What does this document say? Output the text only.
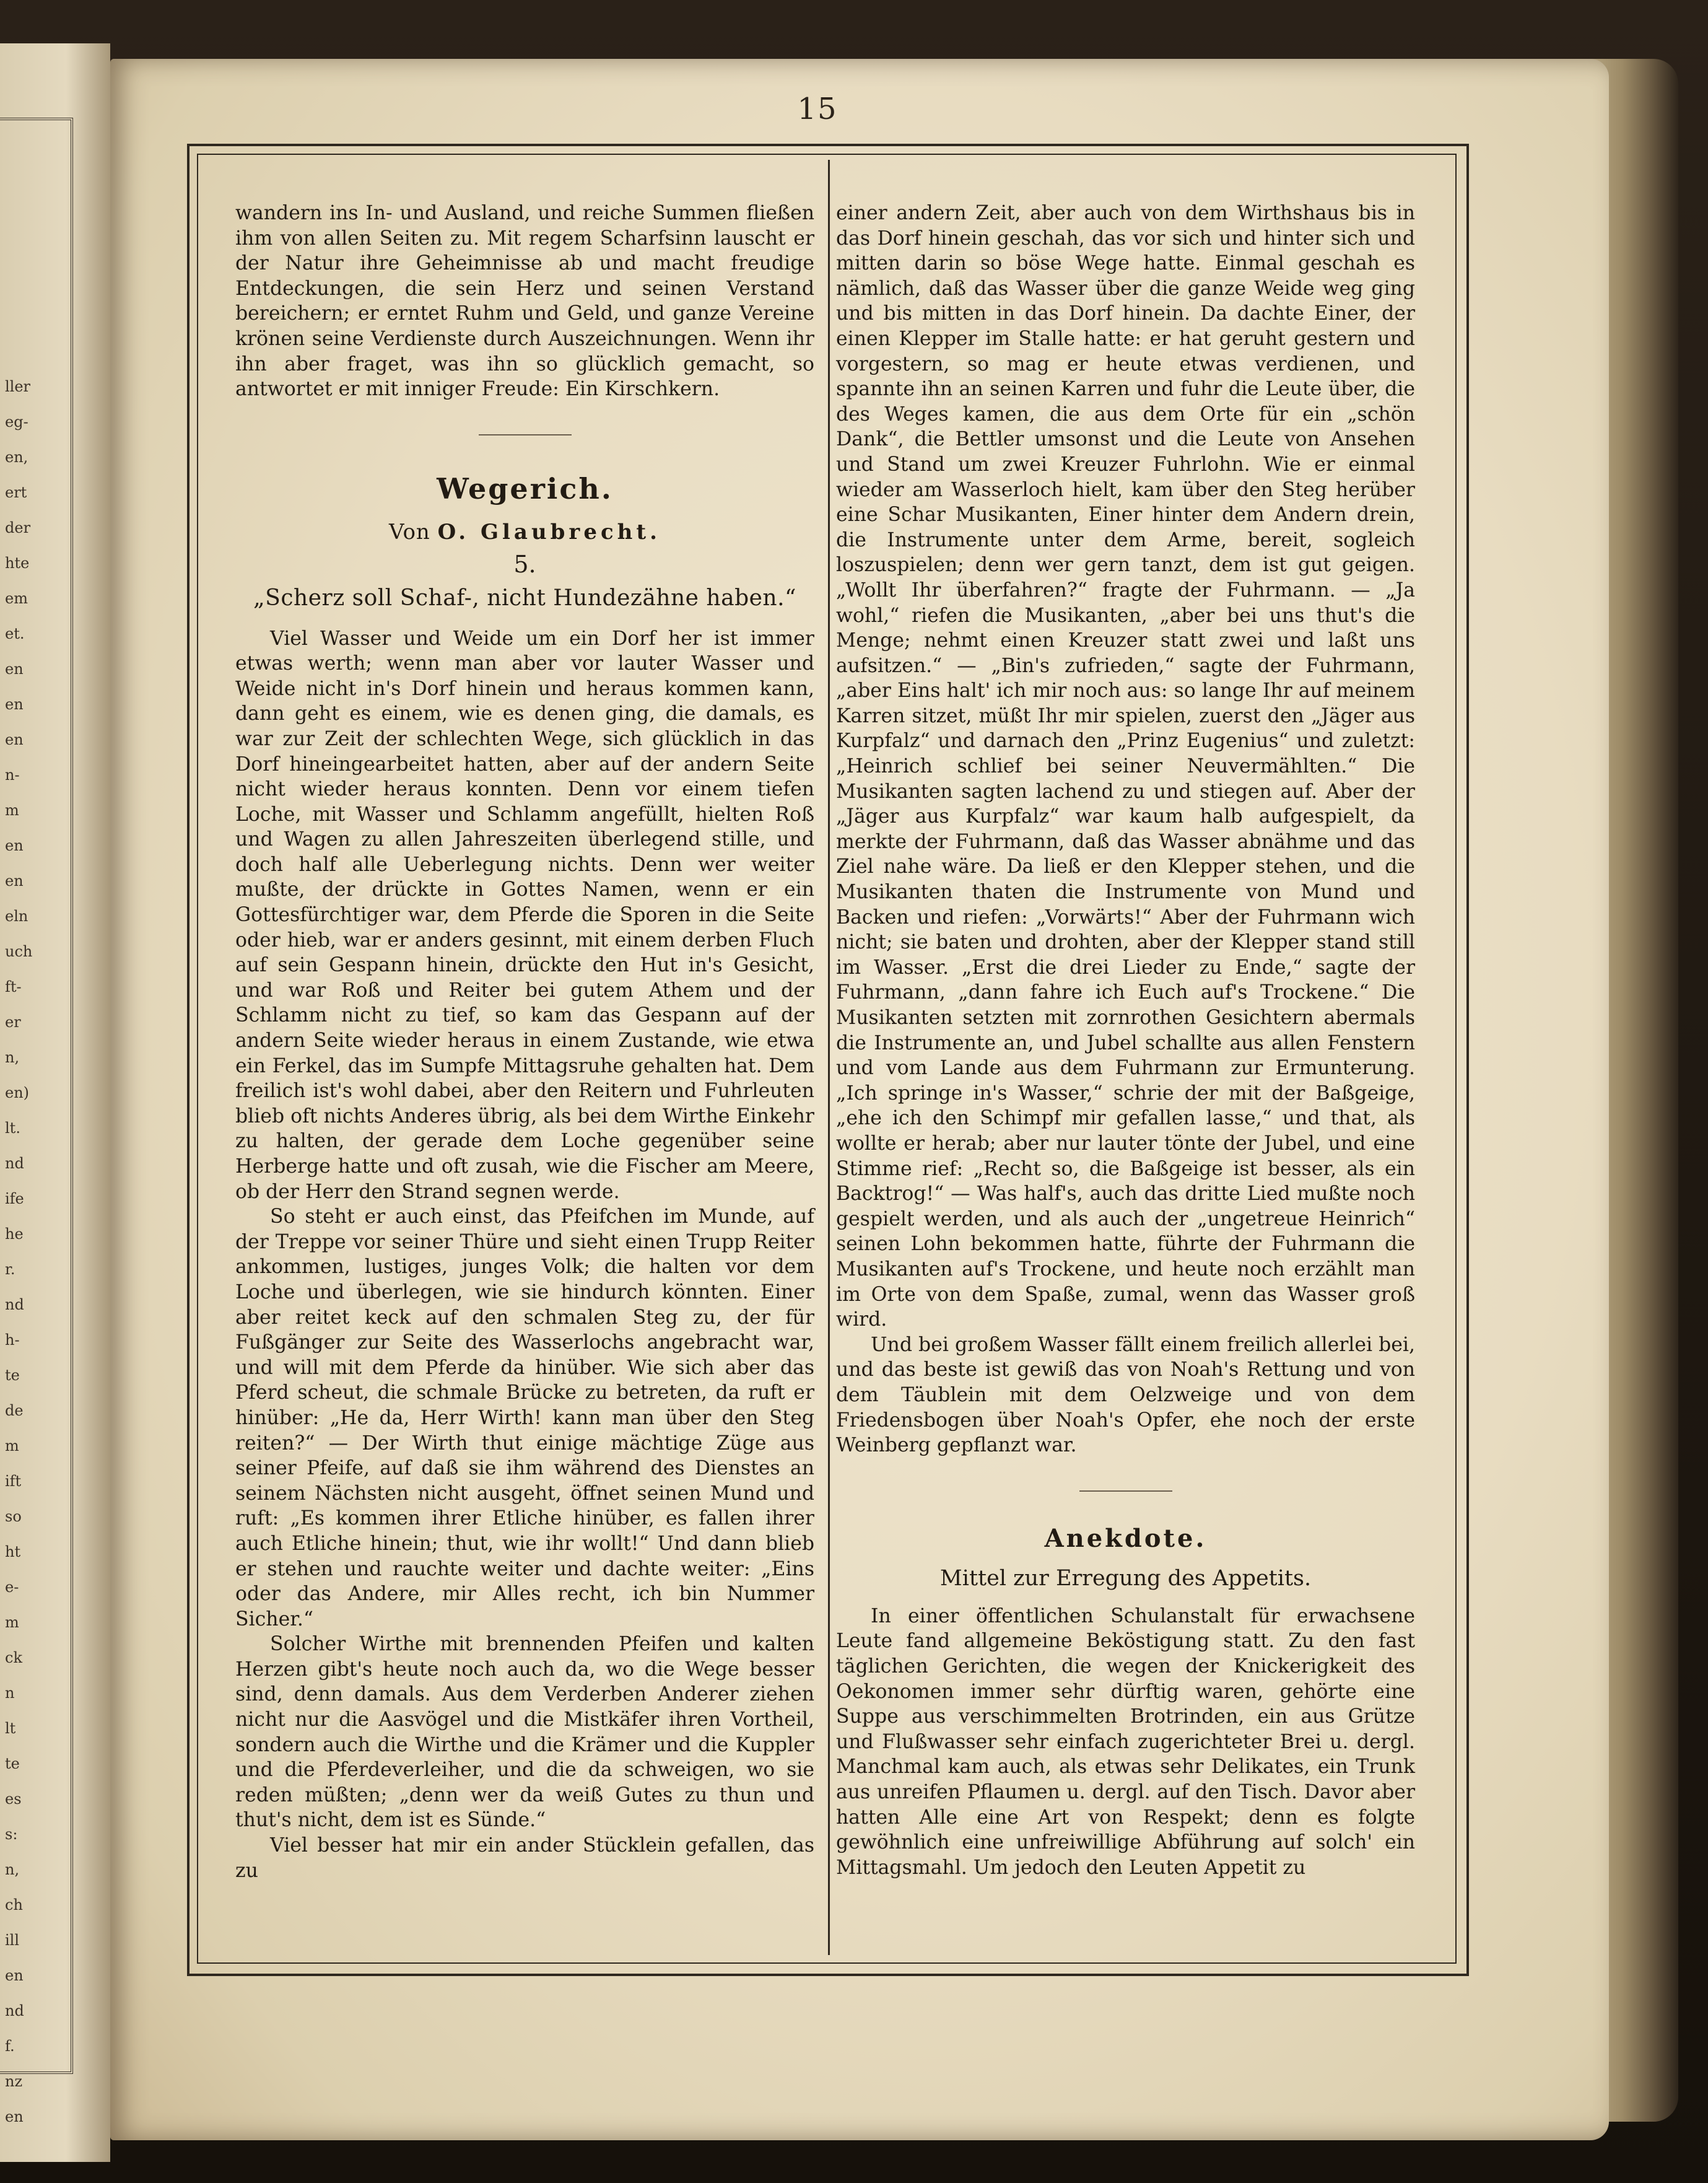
ller
eg-
en,
ert
der
hte
em
et.
en
en
en
n-
m
en
en
eln
uch
ft-
er
n,
en)
lt.
nd
ife
he
r.
nd
h-
te
de
m
ift
so
ht
e-
m
ck
n
lt
te
es
s:
n,
ch
ill
en
nd
f.
nz
en
15

wandern ins In- und Ausland, und reiche Summen fließen ihm von allen Seiten zu. Mit regem Scharfsinn lauscht er der Natur ihre Geheimnisse ab und macht freudige Entdeckungen, die sein Herz und seinen Verstand bereichern; er erntet Ruhm und Geld, und ganze Vereine krönen seine Verdienste durch Auszeichnungen. Wenn ihr ihn aber fraget, was ihn so glücklich gemacht, so antwortet er mit inniger Freude: Ein Kirschkern.

Wegerich.
Von O. Glaubrecht.
5.
„Scherz soll Schaf-, nicht Hundezähne haben.“

Viel Wasser und Weide um ein Dorf her ist immer etwas werth; wenn man aber vor lauter Wasser und Weide nicht in's Dorf hinein und heraus kommen kann, dann geht es einem, wie es denen ging, die damals, es war zur Zeit der schlechten Wege, sich glücklich in das Dorf hineingearbeitet hatten, aber auf der andern Seite nicht wieder heraus konnten. Denn vor einem tiefen Loche, mit Wasser und Schlamm angefüllt, hielten Roß und Wagen zu allen Jahreszeiten überlegend stille, und doch half alle Ueberlegung nichts. Denn wer weiter mußte, der drückte in Gottes Namen, wenn er ein Gottesfürchtiger war, dem Pferde die Sporen in die Seite oder hieb, war er anders gesinnt, mit einem derben Fluch auf sein Gespann hinein, drückte den Hut in's Gesicht, und war Roß und Reiter bei gutem Athem und der Schlamm nicht zu tief, so kam das Gespann auf der andern Seite wieder heraus in einem Zustande, wie etwa ein Ferkel, das im Sumpfe Mittagsruhe gehalten hat. Dem freilich ist's wohl dabei, aber den Reitern und Fuhrleuten blieb oft nichts Anderes übrig, als bei dem Wirthe Einkehr zu halten, der gerade dem Loche gegenüber seine Herberge hatte und oft zusah, wie die Fischer am Meere, ob der Herr den Strand segnen werde.

So steht er auch einst, das Pfeifchen im Munde, auf der Treppe vor seiner Thüre und sieht einen Trupp Reiter ankommen, lustiges, junges Volk; die halten vor dem Loche und überlegen, wie sie hindurch könnten. Einer aber reitet keck auf den schmalen Steg zu, der für Fußgänger zur Seite des Wasserlochs angebracht war, und will mit dem Pferde da hinüber. Wie sich aber das Pferd scheut, die schmale Brücke zu betreten, da ruft er hinüber: „He da, Herr Wirth! kann man über den Steg reiten?“ — Der Wirth thut einige mächtige Züge aus seiner Pfeife, auf daß sie ihm während des Dienstes an seinem Nächsten nicht ausgeht, öffnet seinen Mund und ruft: „Es kommen ihrer Etliche hinüber, es fallen ihrer auch Etliche hinein; thut, wie ihr wollt!“ Und dann blieb er stehen und rauchte weiter und dachte weiter: „Eins oder das Andere, mir Alles recht, ich bin Nummer Sicher.“

Solcher Wirthe mit brennenden Pfeifen und kalten Herzen gibt's heute noch auch da, wo die Wege besser sind, denn damals. Aus dem Verderben Anderer ziehen nicht nur die Aasvögel und die Mistkäfer ihren Vortheil, sondern auch die Wirthe und die Krämer und die Kuppler und die Pferdeverleiher, und die da schweigen, wo sie reden müßten; „denn wer da weiß Gutes zu thun und thut's nicht, dem ist es Sünde.“

Viel besser hat mir ein ander Stücklein gefallen, das zu

einer andern Zeit, aber auch von dem Wirthshaus bis in das Dorf hinein geschah, das vor sich und hinter sich und mitten darin so böse Wege hatte. Einmal geschah es nämlich, daß das Wasser über die ganze Weide weg ging und bis mitten in das Dorf hinein. Da dachte Einer, der einen Klepper im Stalle hatte: er hat geruht gestern und vorgestern, so mag er heute etwas verdienen, und spannte ihn an seinen Karren und fuhr die Leute über, die des Weges kamen, die aus dem Orte für ein „schön Dank“, die Bettler umsonst und die Leute von Ansehen und Stand um zwei Kreuzer Fuhrlohn. Wie er einmal wieder am Wasserloch hielt, kam über den Steg herüber eine Schar Musikanten, Einer hinter dem Andern drein, die Instrumente unter dem Arme, bereit, sogleich loszuspielen; denn wer gern tanzt, dem ist gut geigen. „Wollt Ihr überfahren?“ fragte der Fuhrmann. — „Ja wohl,“ riefen die Musikanten, „aber bei uns thut's die Menge; nehmt einen Kreuzer statt zwei und laßt uns aufsitzen.“ — „Bin's zufrieden,“ sagte der Fuhrmann, „aber Eins halt' ich mir noch aus: so lange Ihr auf meinem Karren sitzet, müßt Ihr mir spielen, zuerst den „Jäger aus Kurpfalz“ und darnach den „Prinz Eugenius“ und zuletzt: „Heinrich schlief bei seiner Neuvermählten.“ Die Musikanten sagten lachend zu und stiegen auf. Aber der „Jäger aus Kurpfalz“ war kaum halb aufgespielt, da merkte der Fuhrmann, daß das Wasser abnähme und das Ziel nahe wäre. Da ließ er den Klepper stehen, und die Musikanten thaten die Instrumente von Mund und Backen und riefen: „Vorwärts!“ Aber der Fuhrmann wich nicht; sie baten und drohten, aber der Klepper stand still im Wasser. „Erst die drei Lieder zu Ende,“ sagte der Fuhrmann, „dann fahre ich Euch auf's Trockene.“ Die Musikanten setzten mit zornrothen Gesichtern abermals die Instrumente an, und Jubel schallte aus allen Fenstern und vom Lande aus dem Fuhrmann zur Ermunterung. „Ich springe in's Wasser,“ schrie der mit der Baßgeige, „ehe ich den Schimpf mir gefallen lasse,“ und that, als wollte er herab; aber nur lauter tönte der Jubel, und eine Stimme rief: „Recht so, die Baßgeige ist besser, als ein Backtrog!“ — Was half's, auch das dritte Lied mußte noch gespielt werden, und als auch der „ungetreue Heinrich“ seinen Lohn bekommen hatte, führte der Fuhrmann die Musikanten auf's Trockene, und heute noch erzählt man im Orte von dem Spaße, zumal, wenn das Wasser groß wird.

Und bei großem Wasser fällt einem freilich allerlei bei, und das beste ist gewiß das von Noah's Rettung und von dem Täublein mit dem Oelzweige und von dem Friedensbogen über Noah's Opfer, ehe noch der erste Weinberg gepflanzt war.

Anekdote.
Mittel zur Erregung des Appetits.

In einer öffentlichen Schulanstalt für erwachsene Leute fand allgemeine Beköstigung statt. Zu den fast täglichen Gerichten, die wegen der Knickerigkeit des Oekonomen immer sehr dürftig waren, gehörte eine Suppe aus verschimmelten Brotrinden, ein aus Grütze und Flußwasser sehr einfach zugerichteter Brei u. dergl. Manchmal kam auch, als etwas sehr Delikates, ein Trunk aus unreifen Pflaumen u. dergl. auf den Tisch. Davor aber hatten Alle eine Art von Respekt; denn es folgte gewöhnlich eine unfreiwillige Abführung auf solch' ein Mittagsmahl. Um jedoch den Leuten Appetit zu
